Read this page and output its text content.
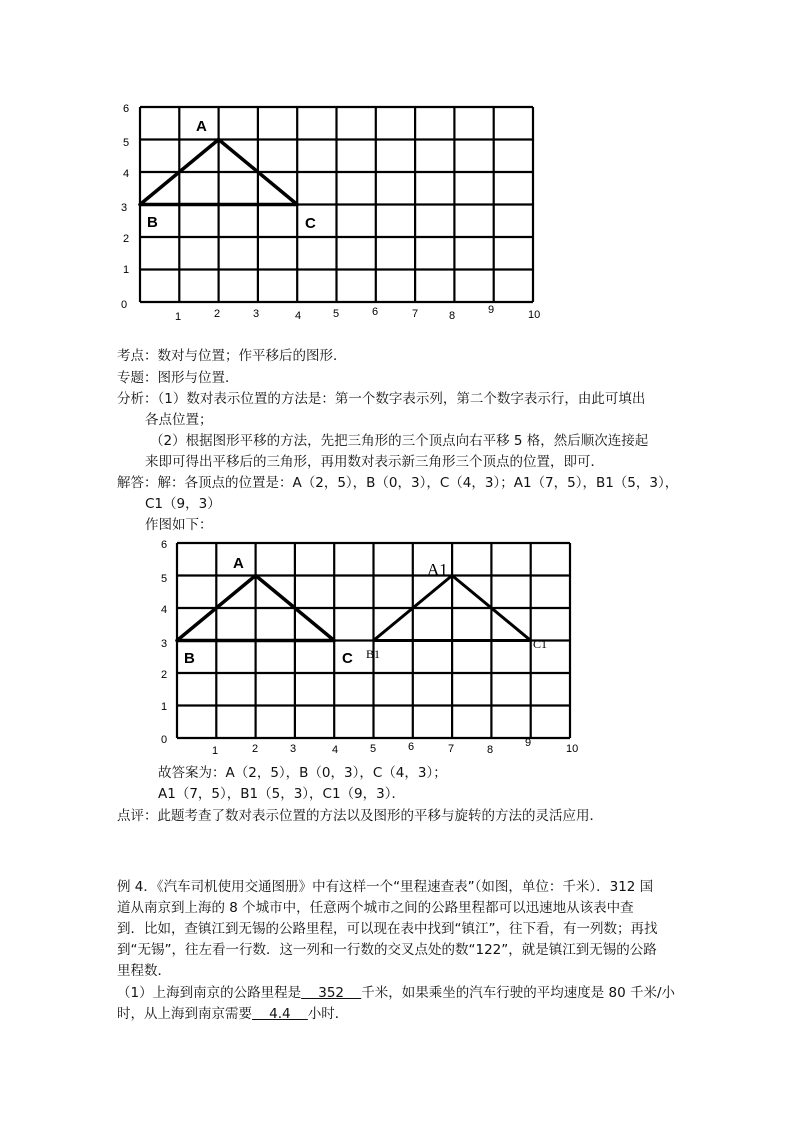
0
1
2
3
4
5
6
1	2	3	4	5	6	7	8	9	10
A
B	C
考点：数对与位置；作平移后的图形．
专题：图形与位置．
分析：（1）数对表示位置的方法是：第一个数字表示列，第二个数字表示行，由此可填出
各点位置；
（2）根据图形平移的方法，先把三角形的三个顶点向右平移 5 格，然后顺次连接起
来即可得出平移后的三角形，再用数对表示新三角形三个顶点的位置，即可．
解答：解：各顶点的位置是：A（2，5），B（0，3），C（4，3）；A1（7，5），B1（5，3），
C1（9，3）
作图如下：
0
1
2
3
4
5
6
1	2	3	4	5	6	7	8
9	10
A
B	C
A1
B1
C1
故答案为：A（2，5），B（0，3），C（4，3）；
A1（7，5），B1（5，3），C1（9，3）．
点评：此题考查了数对表示位置的方法以及图形的平移与旋转的方法的灵活应用．
例 4．《汽车司机使用交通图册》中有这样一个“里程速查表”（如图，单位：千米）．312 国
道从南京到上海的 8 个城市中，任意两个城市之间的公路里程都可以迅速地从该表中查
到．比如，查镇江到无锡的公路里程，可以现在表中找到“镇江”，往下看，有一列数；再找
到“无锡”，往左看一行数．这一列和一行数的交叉点处的数“122”，就是镇江到无锡的公路
里程数．
（1）上海到南京的公路里程是    352    千米，如果乘坐的汽车行驶的平均速度是 80 千米/小
时，从上海到南京需要    4.4    小时．
